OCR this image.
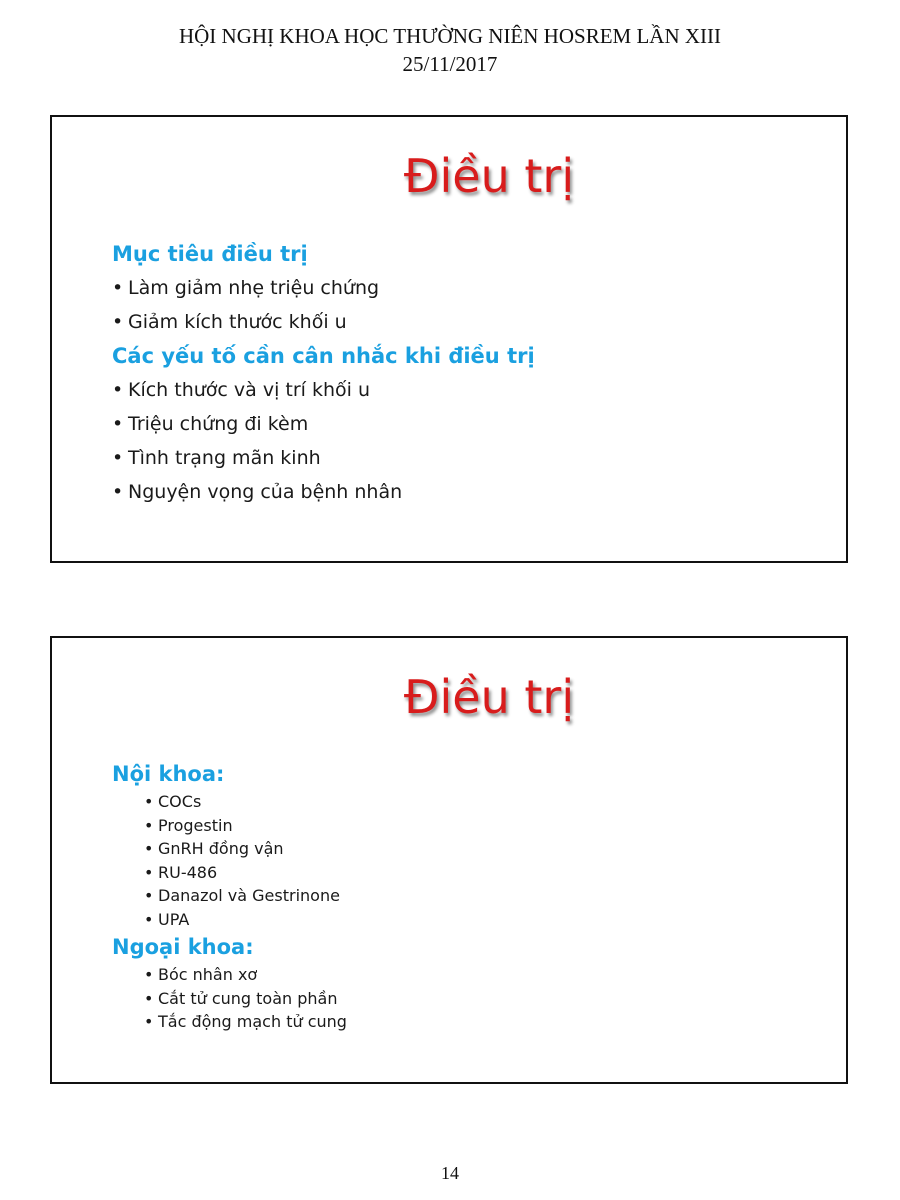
HỘI NGHỊ KHOA HỌC THƯỜNG NIÊN HOSREM LẦN XIII
25/11/2017
Điều trị

Mục tiêu điều trị

• Làm giảm nhẹ triệu chứng
• Giảm kích thước khối u

Các yếu tố cần cân nhắc khi điều trị

• Kích thước và vị trí khối u
• Triệu chứng đi kèm
• Tình trạng mãn kinh
• Nguyện vọng của bệnh nhân
Điều trị

Nội khoa:

• COCs
• Progestin
• GnRH đồng vận
• RU-486
• Danazol và Gestrinone
• UPA

Ngoại khoa:

• Bóc nhân xơ
• Cắt tử cung toàn phần
• Tắc động mạch tử cung
14
